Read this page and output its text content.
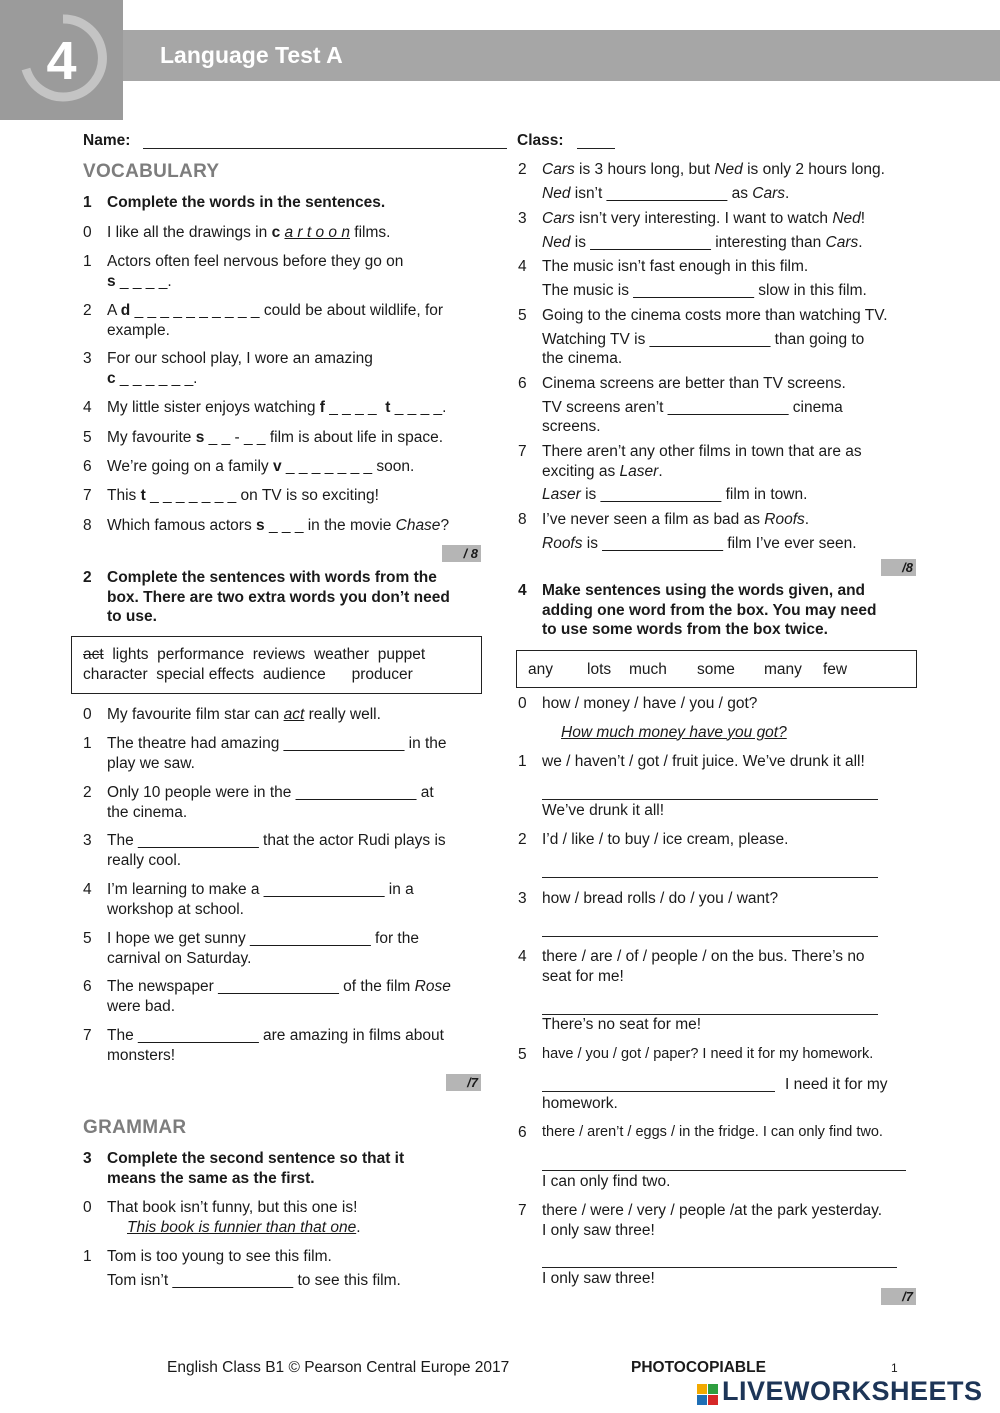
4	Language Test A
Name:	Class:
VOCABULARY
1 Complete the words in the sentences.
0 I like all the drawings in c a r t o o n films.
1 Actors often feel nervous before they go on
s _ _ _ _.
2 A d _ _ _ _ _ _ _ _ _ _ could be about wildlife, for
example.
3 For our school play, I wore an amazing
c _ _ _ _ _ _.
4 My little sister enjoys watching f _ _ _ _  t _ _ _ _.
5 My favourite s _ _ - _ _ film is about life in space.
6 We’re going on a family v _ _ _ _ _ _ _ soon.
7 This t _ _ _ _ _ _ _ on TV is so exciting!
8 Which famous actors s _ _ _ in the movie Chase?
/ 8
2 Complete the sentences with words from the
box. There are two extra words you don’t need
to use.
act lights performance reviews weather puppet
character special effects audience producer
0 My favourite film star can act really well.
1 The theatre had amazing ______________ in the
play we saw.
2 Only 10 people were in the ______________ at
the cinema.
3 The ______________ that the actor Rudi plays is
really cool.
4 I’m learning to make a ______________ in a
workshop at school.
5 I hope we get sunny ______________ for the
carnival on Saturday.
6 The newspaper ______________ of the film Rose
were bad.
7 The ______________ are amazing in films about
monsters!
/7
GRAMMAR
3 Complete the second sentence so that it
means the same as the first.
0 That book isn’t funny, but this one is!
This book is funnier than that one.
1 Tom is too young to see this film.
Tom isn’t ______________ to see this film.
2 Cars is 3 hours long, but Ned is only 2 hours long.
Ned isn’t ______________ as Cars.
3 Cars isn’t very interesting. I want to watch Ned!
Ned is ______________ interesting than Cars.
4 The music isn’t fast enough in this film.
The music is ______________ slow in this film.
5 Going to the cinema costs more than watching TV.
Watching TV is ______________ than going to
the cinema.
6 Cinema screens are better than TV screens.
TV screens aren’t ______________ cinema
screens.
7 There aren’t any other films in town that are as
exciting as Laser.
Laser is ______________ film in town.
8 I’ve never seen a film as bad as Roofs.
Roofs is ______________ film I’ve ever seen.
/8
4 Make sentences using the words given, and
adding one word from the box. You may need
to use some words from the box twice.
any lots much some many few
0 how / money / have / you / got?
How much money have you got?
1 we / haven’t / got / fruit juice. We’ve drunk it all!
We’ve drunk it all!
2 I’d / like / to buy / ice cream, please.
3 how / bread rolls / do / you / want?
4 there / are / of / people / on the bus. There’s no
seat for me!
There’s no seat for me!
5 have / you / got / paper? I need it for my homework.
I need it for my
homework.
6 there / aren’t / eggs / in the fridge. I can only find two.
I can only find two.
7 there / were / very / people /at the park yesterday.
I only saw three!
I only saw three!
/7
English Class B1 © Pearson Central Europe 2017	PHOTOCOPIABLE	1
LIVEWORKSHEETS
